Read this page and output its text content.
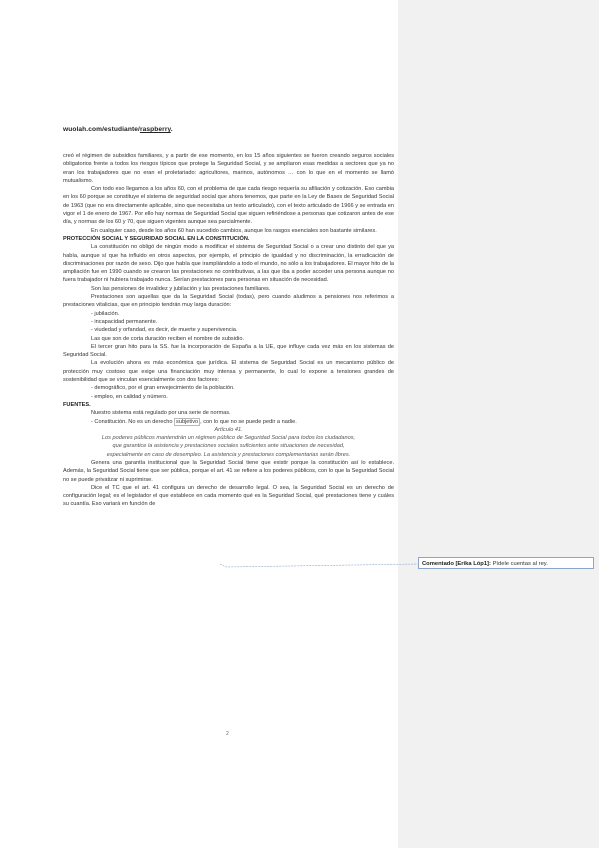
wuolah.com/estudiante/raspberry.

creó el régimen de subsidios familiares, y a partir de ese momento, en los 15 años siguientes se fueron creando seguros sociales obligatorios frente a todos los riesgos típicos que protege la Seguridad Social, y se ampliaron esas medidas a sectores que ya no eran los trabajadores que no eran el proletariado: agricultores, marinos, autónomos … con lo que en el momento se llamó mutualismo.

Con todo eso llegamos a los años 60, con el problema de que cada riesgo requería su afiliación y cotización. Eso cambia en los 60 porque se constituye el sistema de seguridad social que ahora tenemos, que parte en la Ley de Bases de Seguridad Social de 1963 (que no era directamente aplicable, sino que necesitaba un texto articulado), con el texto articulado de 1966 y se entrada en vigor el 1 de enero de 1967. Por ello hay normas de Seguridad Social que siguen refiriéndose a personas que cotizaron antes de ese día, y normas de los 60 y 70, que siguen vigentes aunque sea parcialmente.

En cualquier caso, desde los años 60 han sucedido cambios, aunque los rasgos esenciales son bastante similares.

PROTECCIÓN SOCIAL Y SEGURIDAD SOCIAL EN LA CONSTITUCIÓN.

La constitución no obligó de ningún modo a modificar el sistema de Seguridad Social o a crear uno distinto del que ya había, aunque sí que ha influido en otros aspectos, por ejemplo, el principio de igualdad y no discriminación, la erradicación de discriminaciones por razón de sexo. Dijo que había que irampliándolo a todo el mundo, no sólo a los trabajadores. El mayor hito de la ampliación fue en 1990 cuando se crearon las prestaciones no contributivas, a las que iba a poder acceder una persona aunque no fuera trabajador ni hubiera trabajado nunca. Serían prestaciones para personas en situación de necesidad.

Son las pensiones de invalidez y jubilación y las prestaciones familiares.

Prestaciones son aquellas que da la Seguridad Social (todas), pero cuando aludimos a pensiones nos referimos a prestaciones vitalicias, que en principio tendrán muy larga duración:

- jubilación.

- incapacidad permanente.

- viudedad y orfandad, es decir, de muerte y supervivencia.

Las que son de corta duración reciben el nombre de subsidio.

El tercer gran hito para la SS. fue la incorporación de España a la UE, que influye cada vez más en los sistemas de Seguridad Social.

La evolución ahora es más económica que jurídica. El sistema de Seguridad Social es un mecanismo público de protección muy costoso que exige una financiación muy intensa y permanente, lo cual lo expone a tensiones grandes de sostenibilidad que se vinculan esencialmente con dos factores:

- demográfico, por el gran envejecimiento de la población.

- empleo, en calidad y número.

FUENTES.

Nuestro sistema está regulado por una serie de normas.

- Constitución. No es un derecho subjetivo , con lo que no se puede pedir a nadie.

Artículo 41.

Los poderes públicos mantendrán un régimen público de Seguridad Social para todos los ciudadanos, que garantice la asistencia y prestaciones sociales suficientes ante situaciones de necesidad, especialmente en caso de desempleo. La asistencia y prestaciones complementarias serán libres.

Genera una garantía institucional que la Seguridad Social tiene que existir porque la constitución así lo establece. Además, la Seguridad Social tiene que ser pública, porque el art. 41 se refiere a los poderes públicos, con lo que la Seguridad Social no se puede privatizar ni suprimirse.

Dice el TC que el art. 41 configura un derecho de desarrollo legal. O sea, la Seguridad Social es un derecho de configuración legal; es el legislador el que establece en cada momento qué es la Seguridad Social, qué prestaciones tiene y cuáles su cuantía. Eso variará en función de

2
Comentado [Erika Lóp1]: Pídele cuentas al rey.
